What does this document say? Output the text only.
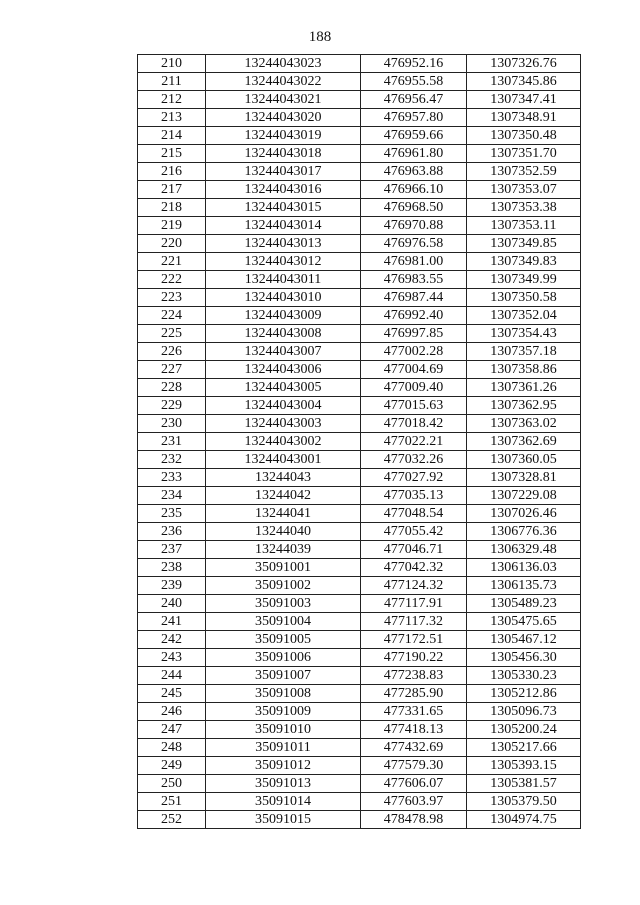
188
210	13244043023	476952.16	1307326.76
211	13244043022	476955.58	1307345.86
212	13244043021	476956.47	1307347.41
213	13244043020	476957.80	1307348.91
214	13244043019	476959.66	1307350.48
215	13244043018	476961.80	1307351.70
216	13244043017	476963.88	1307352.59
217	13244043016	476966.10	1307353.07
218	13244043015	476968.50	1307353.38
219	13244043014	476970.88	1307353.11
220	13244043013	476976.58	1307349.85
221	13244043012	476981.00	1307349.83
222	13244043011	476983.55	1307349.99
223	13244043010	476987.44	1307350.58
224	13244043009	476992.40	1307352.04
225	13244043008	476997.85	1307354.43
226	13244043007	477002.28	1307357.18
227	13244043006	477004.69	1307358.86
228	13244043005	477009.40	1307361.26
229	13244043004	477015.63	1307362.95
230	13244043003	477018.42	1307363.02
231	13244043002	477022.21	1307362.69
232	13244043001	477032.26	1307360.05
233	13244043	477027.92	1307328.81
234	13244042	477035.13	1307229.08
235	13244041	477048.54	1307026.46
236	13244040	477055.42	1306776.36
237	13244039	477046.71	1306329.48
238	35091001	477042.32	1306136.03
239	35091002	477124.32	1306135.73
240	35091003	477117.91	1305489.23
241	35091004	477117.32	1305475.65
242	35091005	477172.51	1305467.12
243	35091006	477190.22	1305456.30
244	35091007	477238.83	1305330.23
245	35091008	477285.90	1305212.86
246	35091009	477331.65	1305096.73
247	35091010	477418.13	1305200.24
248	35091011	477432.69	1305217.66
249	35091012	477579.30	1305393.15
250	35091013	477606.07	1305381.57
251	35091014	477603.97	1305379.50
252	35091015	478478.98	1304974.75
